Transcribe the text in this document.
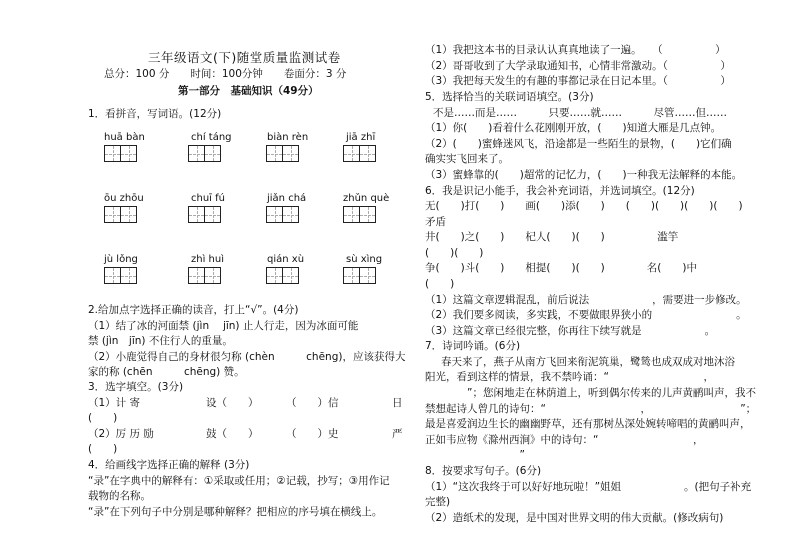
三年级语文(下)随堂质量监测试卷
总分：100 分　　时间：100分钟　　卷面分：3 分
第一部分　基础知识（49分）
1．看拼音，写词语。(12分)
huā bàn	chí táng	biàn rèn	jiā zhī
ōu zhōu	chuī fú	jiǎn chá	zhǔn què
jù lǒng	zhì huì	qián xù	sù xìng
2.给加点字选择正确的读音，打上“√”。(4分)
（1）结了冰的河面禁 (jìn　 jīn) 止人行走，因为冰面可能
禁 (jìn　jīn) 不住行人的重量。
（2）小鹿觉得自己的身材很匀称 (chèn　　　chēng)，应该获得大
家的称 (chēn　　　chēng) 赞。
3．选字填空。(3分)
（1）计 寄	设（　　）	（　　）信	日
(　　)
（2）厉 历 励	鼓（　　）	（　　）史	严
(　　)
4．给画线字选择正确的解释 (3分)
“录”在字典中的解释有：①采取或任用；②记载，抄写；③用作记
载物的名称。
“录”在下列句子中分别是哪种解释？把相应的序号填在横线上。
（1）我把这本书的目录认认真真地读了一遍。　　（　　　　　）
（2）哥哥收到了大学录取通知书，心情非常激动。（　　　　　）
（3）我把每天发生的有趣的事都记录在日记本里。（　　　　　）
5．选择恰当的关联词语填空。(3分)
不是……而是……　　　只要……就……　　　尽管……但……
（1）你(　　)看着什么花刚刚开放，(　　)知道大雁是几点钟。
（2）(　　)蜜蜂迷风飞，沿途都是一些陌生的景物，(　　)它们确
确实实飞回来了。
（3）蜜蜂靠的(　　)超常的记忆力，(　　)一种我无法解释的本能。
6．我是识记小能手，我会补充词语，并选词填空。(12分)
无(　　)打(　　)　　画(　　)添(　　)　　(　　)(　　)(　　)(　　)
矛盾
井(　　)之(　　)　　杞人(　　)(　　)　　　　　滥竽
(　　)(　　)
争(　　)斗(　　)　　相提(　　)(　　)　　　　名(　　)中
(　　)
（1）这篇文章逻辑混乱，前后说法　　　　　　，需要进一步修改。
（2）我们要多阅读，多实践，不要做眼界狭小的　　　　　　　　。
（3）这篇文章已经很完整，你再往下续写就是　　　　　　。
7．诗词吟诵。(6分)
春天来了，燕子从南方飞回来衔泥筑巢，鹭鸶也成双成对地沐浴
阳光，看到这样的情景，我不禁吟诵：“　　　　　　　　　，　　　
　　　　”；您闲地走在林荫道上，听到偶尔传来的儿声黄鹂叫声，我不
禁想起诗人曾几的诗句：“　　　　　　　　　，　　　　　　　　　”；
最是喜爱润边生长的幽幽野草，还有那树丛深处婉转啼唱的黄鹂叫声，
正如韦应物《滁州西涧》中的诗句：“　　　　　　　　　，
　　　　　　　　　”
8．按要求写句子。(6分)
（1）“这次我终于可以好好地玩啦！”姐姐　　　　　　。(把句子补充
完整)
（2）造纸术的发现，是中国对世界文明的伟大贡献。(修改病句)
